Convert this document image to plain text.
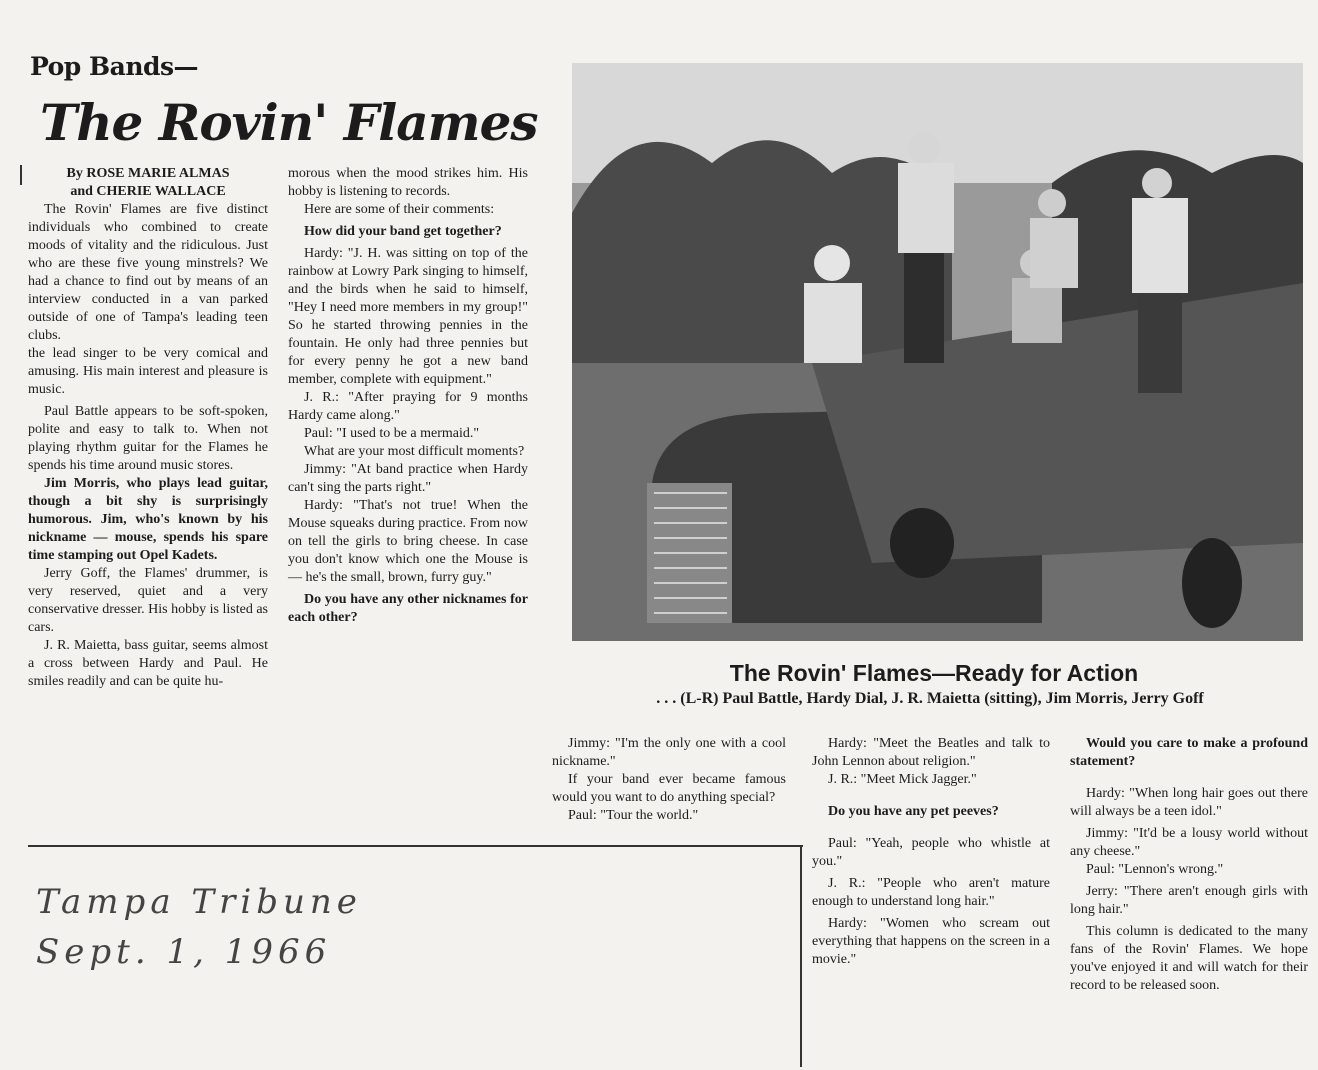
Pop Bands—
The Rovin' Flames

By ROSE MARIE ALMAS

and CHERIE WALLACE

The Rovin' Flames are five distinct individuals who combined to create moods of vitality and the ridiculous. Just who are these five young minstrels? We had a chance to find out by means of an interview conducted in a van parked outside of one of Tampa's leading teen clubs.

the lead singer to be very comical and amusing. His main interest and pleasure is music.

Paul Battle appears to be soft-spoken, polite and easy to talk to. When not playing rhythm guitar for the Flames he spends his time around music stores.

Jim Morris, who plays lead guitar, though a bit shy is surprisingly humorous. Jim, who's known by his nickname — mouse, spends his spare time stamping out Opel Kadets.

Jerry Goff, the Flames' drummer, is very reserved, quiet and a very conservative dresser. His hobby is listed as cars.

J. R. Maietta, bass guitar, seems almost a cross between Hardy and Paul. He smiles readily and can be quite hu-

morous when the mood strikes him. His hobby is listening to records.

Here are some of their comments:

How did your band get together?

Hardy: "J. H. was sitting on top of the rainbow at Lowry Park singing to himself, and the birds when he said to himself, "Hey I need more members in my group!" So he started throwing pennies in the fountain. He only had three pennies but for every penny he got a new band member, complete with equipment."

J. R.: "After praying for 9 months Hardy came along."

Paul: "I used to be a mermaid."

What are your most difficult moments?

Jimmy: "At band practice when Hardy can't sing the parts right."

Hardy: "That's not true! When the Mouse squeaks during practice. From now on tell the girls to bring cheese. In case you don't know which one the Mouse is — he's the small, brown, furry guy."

Do you have any other nicknames for each other?

The Rovin' Flames—Ready for Action
. . . (L-R) Paul Battle, Hardy Dial, J. R. Maietta (sitting), Jim Morris, Jerry Goff

Jimmy: "I'm the only one with a cool nickname."

If your band ever became famous would you want to do anything special?

Paul: "Tour the world."

Hardy: "Meet the Beatles and talk to John Lennon about religion."

J. R.: "Meet Mick Jagger."

Do you have any pet peeves?

Paul: "Yeah, people who whistle at you."

J. R.: "People who aren't mature enough to understand long hair."

Hardy: "Women who scream out everything that happens on the screen in a movie."

Would you care to make a profound statement?

Hardy: "When long hair goes out there will always be a teen idol."

Jimmy: "It'd be a lousy world without any cheese."

Paul: "Lennon's wrong."

Jerry: "There aren't enough girls with long hair."

This column is dedicated to the many fans of the Rovin' Flames. We hope you've enjoyed it and will watch for their record to be released soon.

Tampa Tribune
Sept. 1, 1966
